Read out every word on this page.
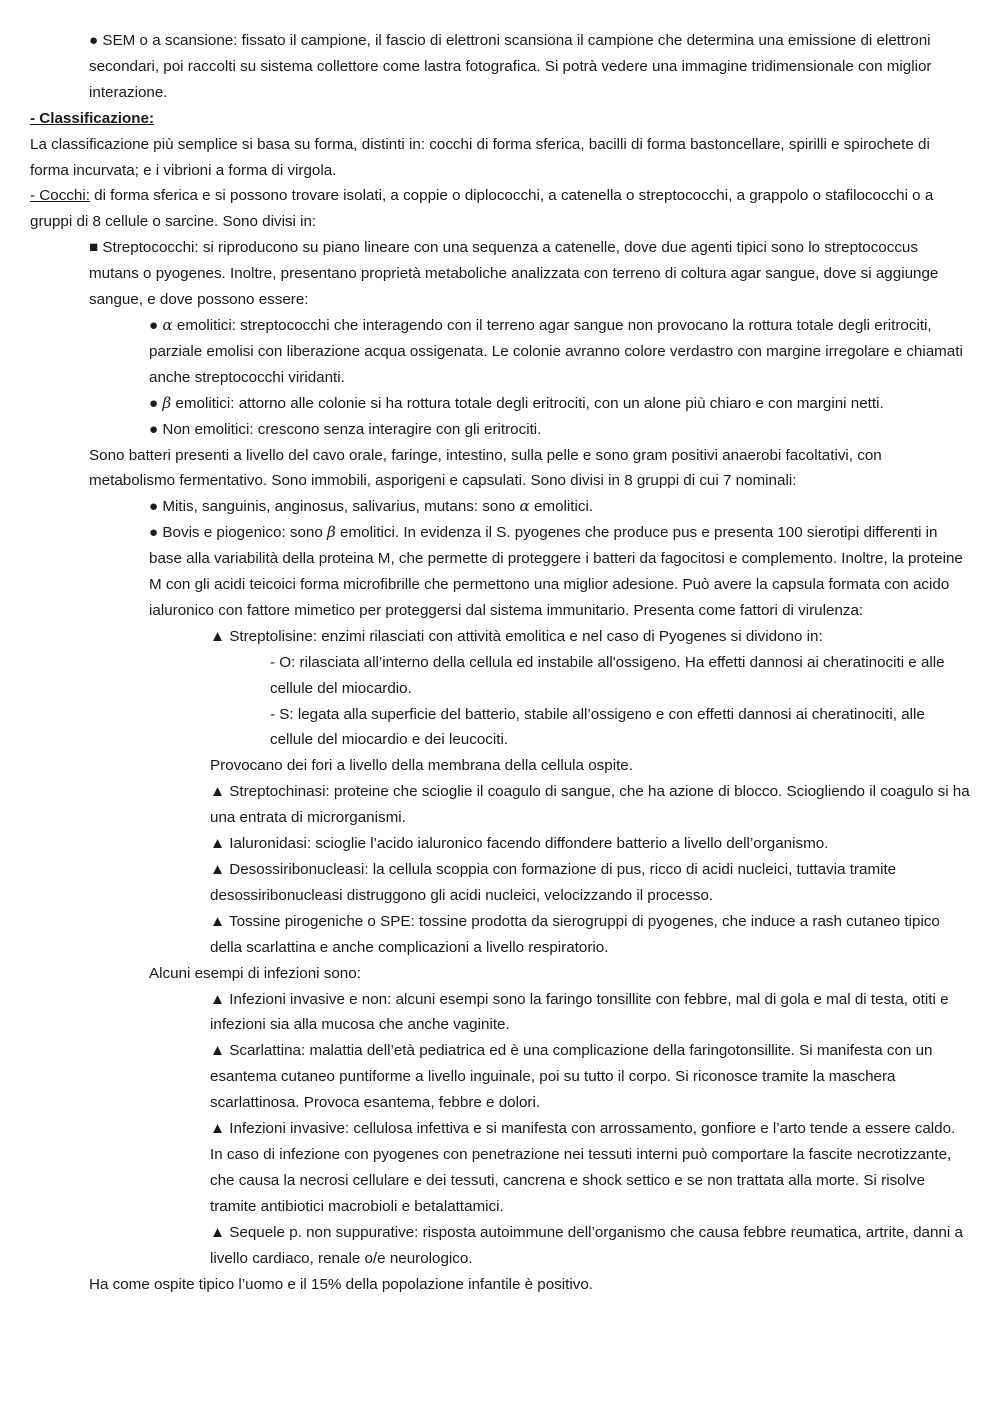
● SEM o a scansione: fissato il campione, il fascio di elettroni scansiona il campione che determina una emissione di elettroni secondari, poi raccolti su sistema collettore come lastra fotografica. Si potrà vedere una immagine tridimensionale con miglior interazione.

- Classificazione:

La classificazione più semplice si basa su forma, distinti in: cocchi di forma sferica, bacilli di forma bastoncellare, spirilli e spirochete di forma incurvata; e i vibrioni a forma di virgola.

- Cocchi: di forma sferica e si possono trovare isolati, a coppie o diplococchi, a catenella o streptococchi, a grappolo o stafilococchi o a gruppi di 8 cellule o sarcine. Sono divisi in:

■ Streptococchi: si riproducono su piano lineare con una sequenza a catenelle, dove due agenti tipici sono lo streptococcus mutans o pyogenes. Inoltre, presentano proprietà metaboliche analizzata con terreno di coltura agar sangue, dove si aggiunge sangue, e dove possono essere:

● α emolitici: streptococchi che interagendo con il terreno agar sangue non provocano la rottura totale degli eritrociti, parziale emolisi con liberazione acqua ossigenata. Le colonie avranno colore verdastro con margine irregolare e chiamati anche streptococchi viridanti.

● β emolitici: attorno alle colonie si ha rottura totale degli eritrociti, con un alone più chiaro e con margini netti.

● Non emolitici: crescono senza interagire con gli eritrociti.

Sono batteri presenti a livello del cavo orale, faringe, intestino, sulla pelle e sono gram positivi anaerobi facoltativi, con metabolismo fermentativo. Sono immobili, asporigeni e capsulati. Sono divisi in 8 gruppi di cui 7 nominali:

● Mitis, sanguinis, anginosus, salivarius, mutans: sono α emolitici.

● Bovis e piogenico: sono β emolitici. In evidenza il S. pyogenes che produce pus e presenta 100 sierotipi differenti in base alla variabilità della proteina M, che permette di proteggere i batteri da fagocitosi e complemento. Inoltre, la proteine M con gli acidi teicoici forma microfibrille che permettono una miglior adesione. Può avere la capsula formata con acido ialuronico con fattore mimetico per proteggersi dal sistema immunitario. Presenta come fattori di virulenza:

▲ Streptolisine: enzimi rilasciati con attività emolitica e nel caso di Pyogenes si dividono in:

- O: rilasciata all’interno della cellula ed instabile all'ossigeno. Ha effetti dannosi ai cheratinociti e alle cellule del miocardio.

- S: legata alla superficie del batterio, stabile all’ossigeno e con effetti dannosi ai cheratinociti, alle cellule del miocardio e dei leucociti.

Provocano dei fori a livello della membrana della cellula ospite.

▲ Streptochinasi: proteine che scioglie il coagulo di sangue, che ha azione di blocco. Sciogliendo il coagulo si ha una entrata di microrganismi.

▲ Ialuronidasi: scioglie l’acido ialuronico facendo diffondere batterio a livello dell’organismo.

▲ Desossiribonucleasi: la cellula scoppia con formazione di pus, ricco di acidi nucleici, tuttavia tramite desossiribonucleasi distruggono gli acidi nucleici, velocizzando il processo.

▲ Tossine pirogeniche o SPE: tossine prodotta da sierogruppi di pyogenes, che induce a rash cutaneo tipico della scarlattina e anche complicazioni a livello respiratorio.

Alcuni esempi di infezioni sono:

▲ Infezioni invasive e non: alcuni esempi sono la faringo tonsillite con febbre, mal di gola e mal di testa, otiti e infezioni sia alla mucosa che anche vaginite.

▲ Scarlattina: malattia dell’età pediatrica ed è una complicazione della faringotonsillite. Si manifesta con un esantema cutaneo puntiforme a livello inguinale, poi su tutto il corpo. Si riconosce tramite la maschera scarlattinosa. Provoca esantema, febbre e dolori.

▲ Infezioni invasive: cellulosa infettiva e si manifesta con arrossamento, gonfiore e l’arto tende a essere caldo. In caso di infezione con pyogenes con penetrazione nei tessuti interni può comportare la fascite necrotizzante, che causa la necrosi cellulare e dei tessuti, cancrena e shock settico e se non trattata alla morte. Si risolve tramite antibiotici macrobioli e betalattamici.

▲ Sequele p. non suppurative: risposta autoimmune dell’organismo che causa febbre reumatica, artrite, danni a livello cardiaco, renale o/e neurologico.

Ha come ospite tipico l’uomo e il 15% della popolazione infantile è positivo.
